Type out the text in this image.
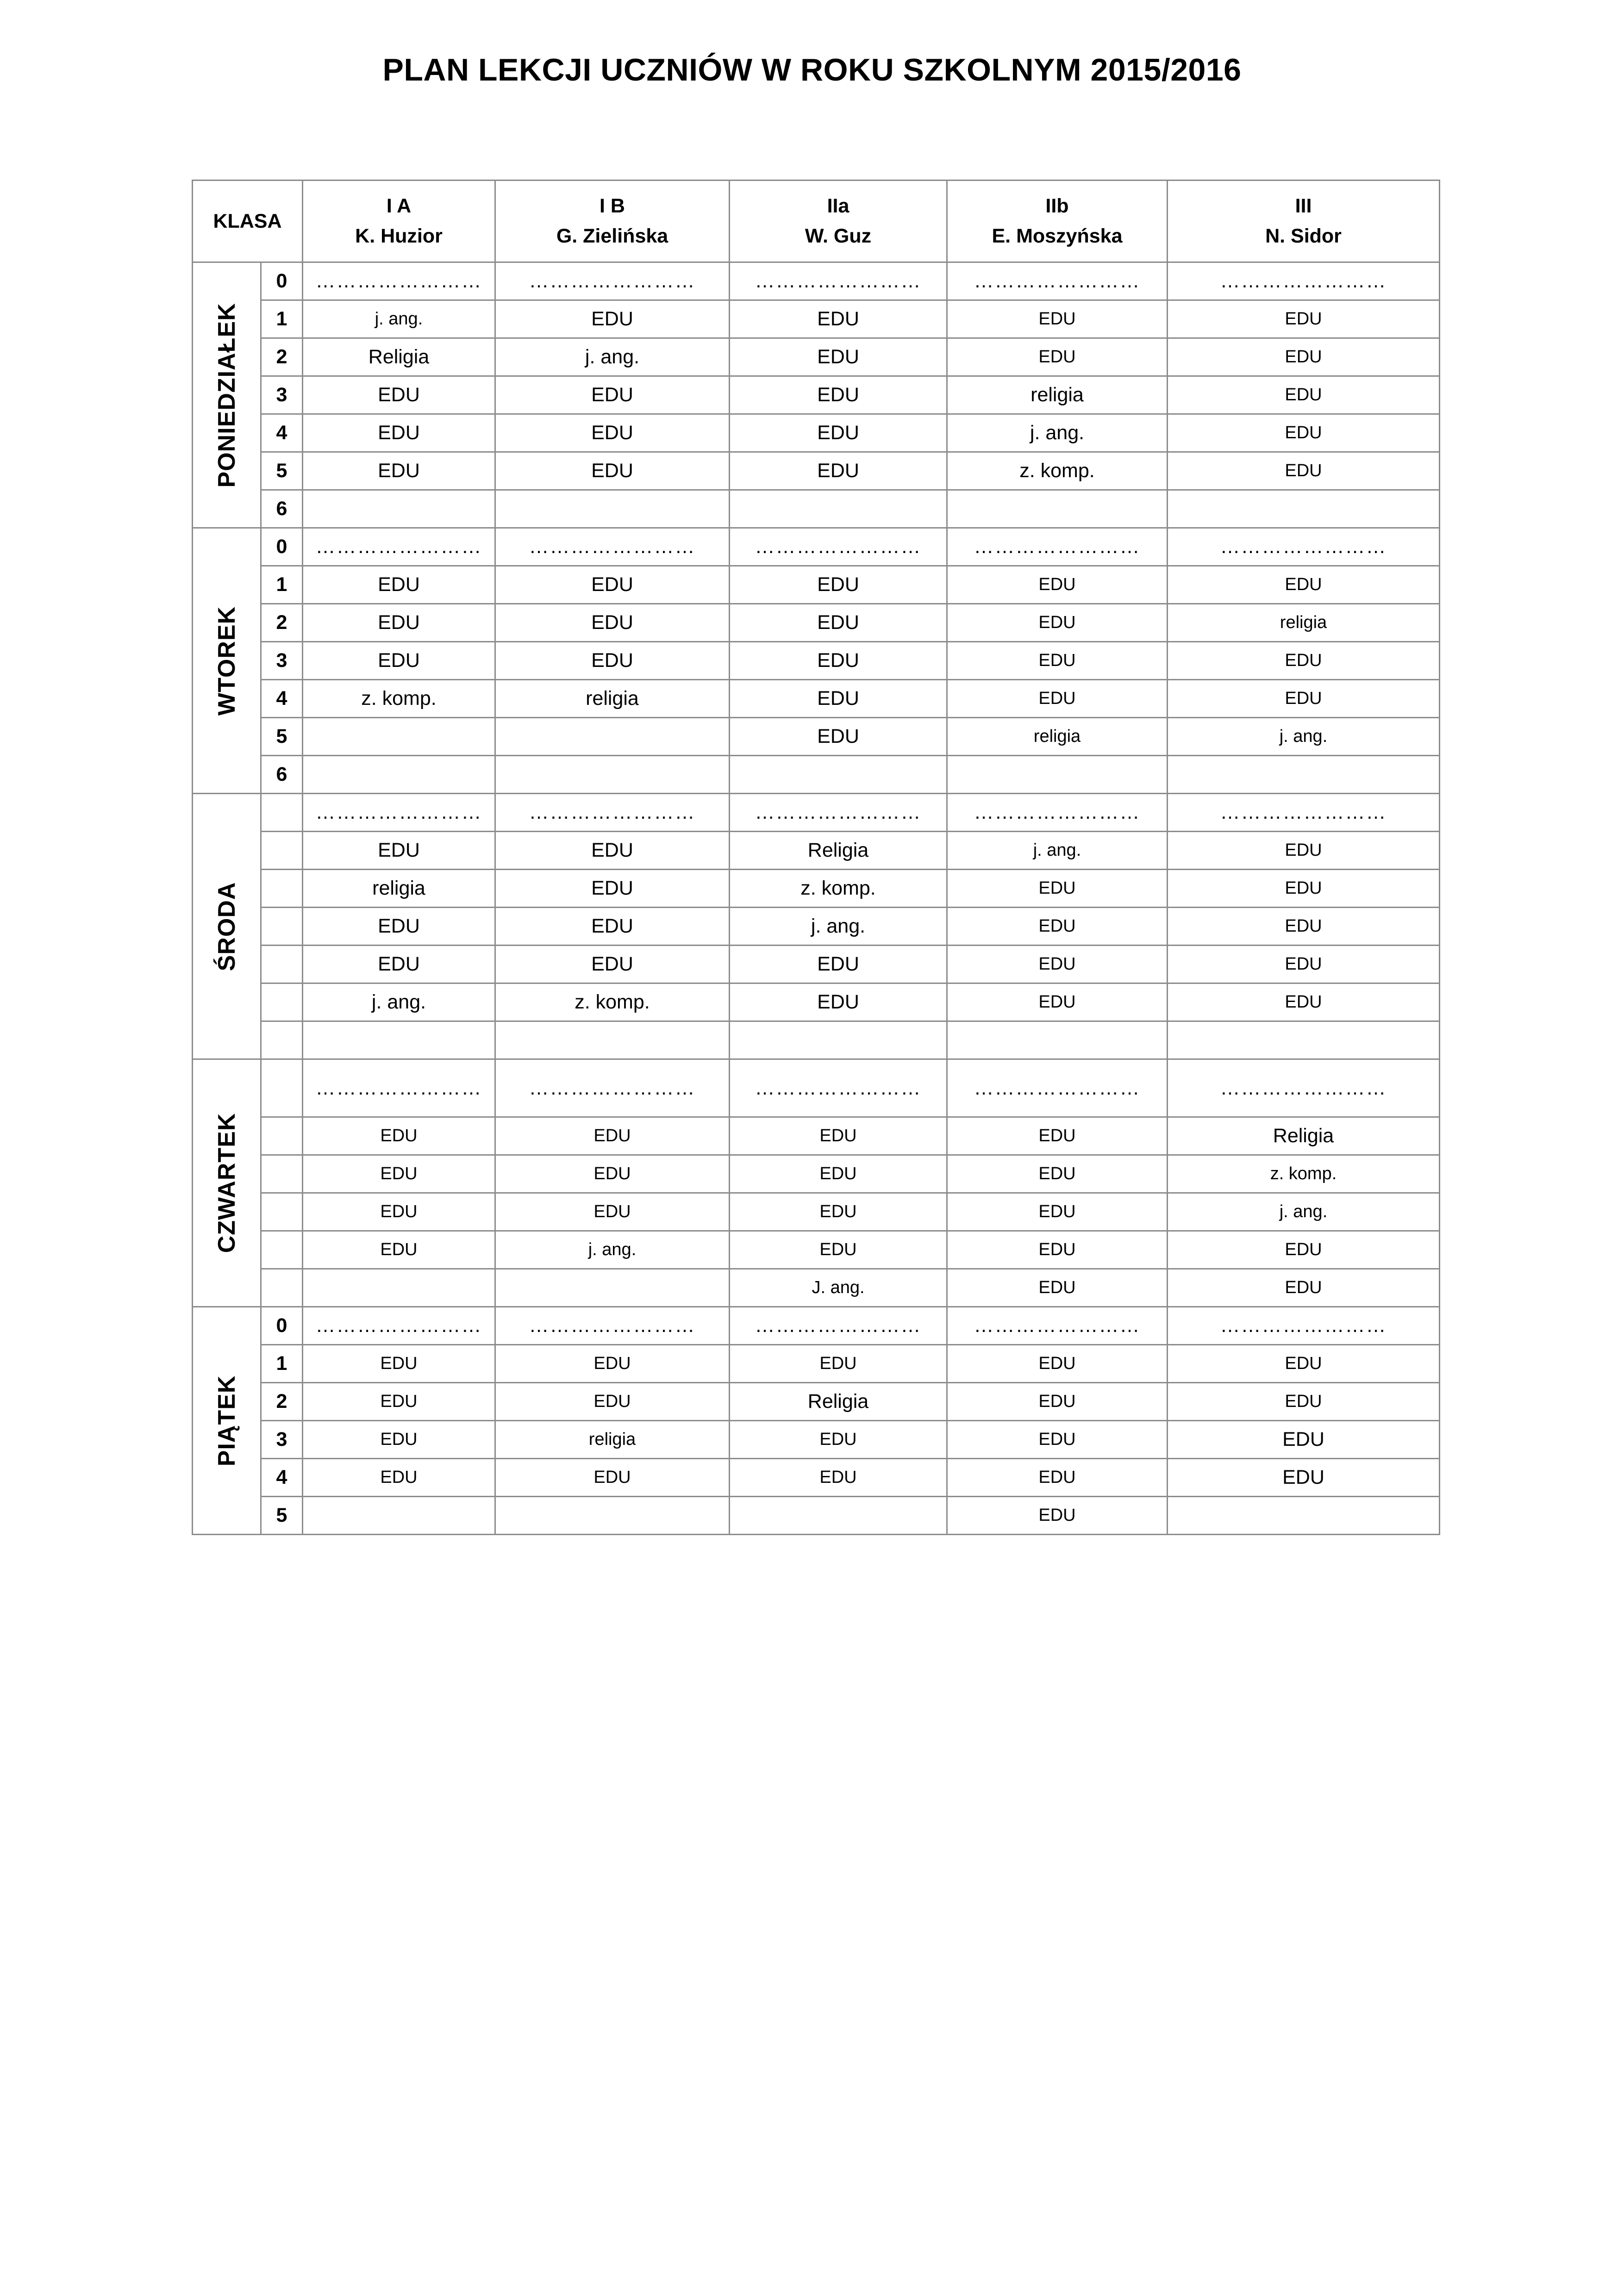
PLAN LEKCJI UCZNIÓW W ROKU SZKOLNYM 2015/2016
KLASA		I A	I B	IIa	IIb	III
		K. Huzior	G. Zielińska	W. Guz	E. Moszyńska	N. Sidor

PONIEDZIAŁEK	0	……………………	……………………	……………………	……………………	……………………
	1	j. ang.	EDU	EDU	EDU	EDU
	2	Religia	j. ang.	EDU	EDU	EDU
	3	EDU	EDU	EDU	religia	EDU
	4	EDU	EDU	EDU	j. ang.	EDU
	5	EDU	EDU	EDU	z. komp.	EDU
	6					

WTOREK	0	……………………	……………………	……………………	……………………	……………………
	1	EDU	EDU	EDU	EDU	EDU
	2	EDU	EDU	EDU	EDU	religia
	3	EDU	EDU	EDU	EDU	EDU
	4	z. komp.	religia	EDU	EDU	EDU
	5			EDU	religia	j. ang.
	6					

ŚRODA		……………………	……………………	……………………	……………………	……………………
		EDU	EDU	Religia	j. ang.	EDU
		religia	EDU	z. komp.	EDU	EDU
		EDU	EDU	j. ang.	EDU	EDU
		EDU	EDU	EDU	EDU	EDU
		j. ang.	z. komp.	EDU	EDU	EDU

CZWARTEK		……………………	……………………	……………………	……………………	……………………
		EDU	EDU	EDU	EDU	Religia
		EDU	EDU	EDU	EDU	z. komp.
		EDU	EDU	EDU	EDU	j. ang.
		EDU	j. ang.	EDU	EDU	EDU
				J. ang.	EDU	EDU

PIĄTEK	0	……………………	……………………	……………………	……………………	……………………
	1	EDU	EDU	EDU	EDU	EDU
	2	EDU	EDU	Religia	EDU	EDU
	3	EDU	religia	EDU	EDU	EDU
	4	EDU	EDU	EDU	EDU	EDU
	5				EDU	
